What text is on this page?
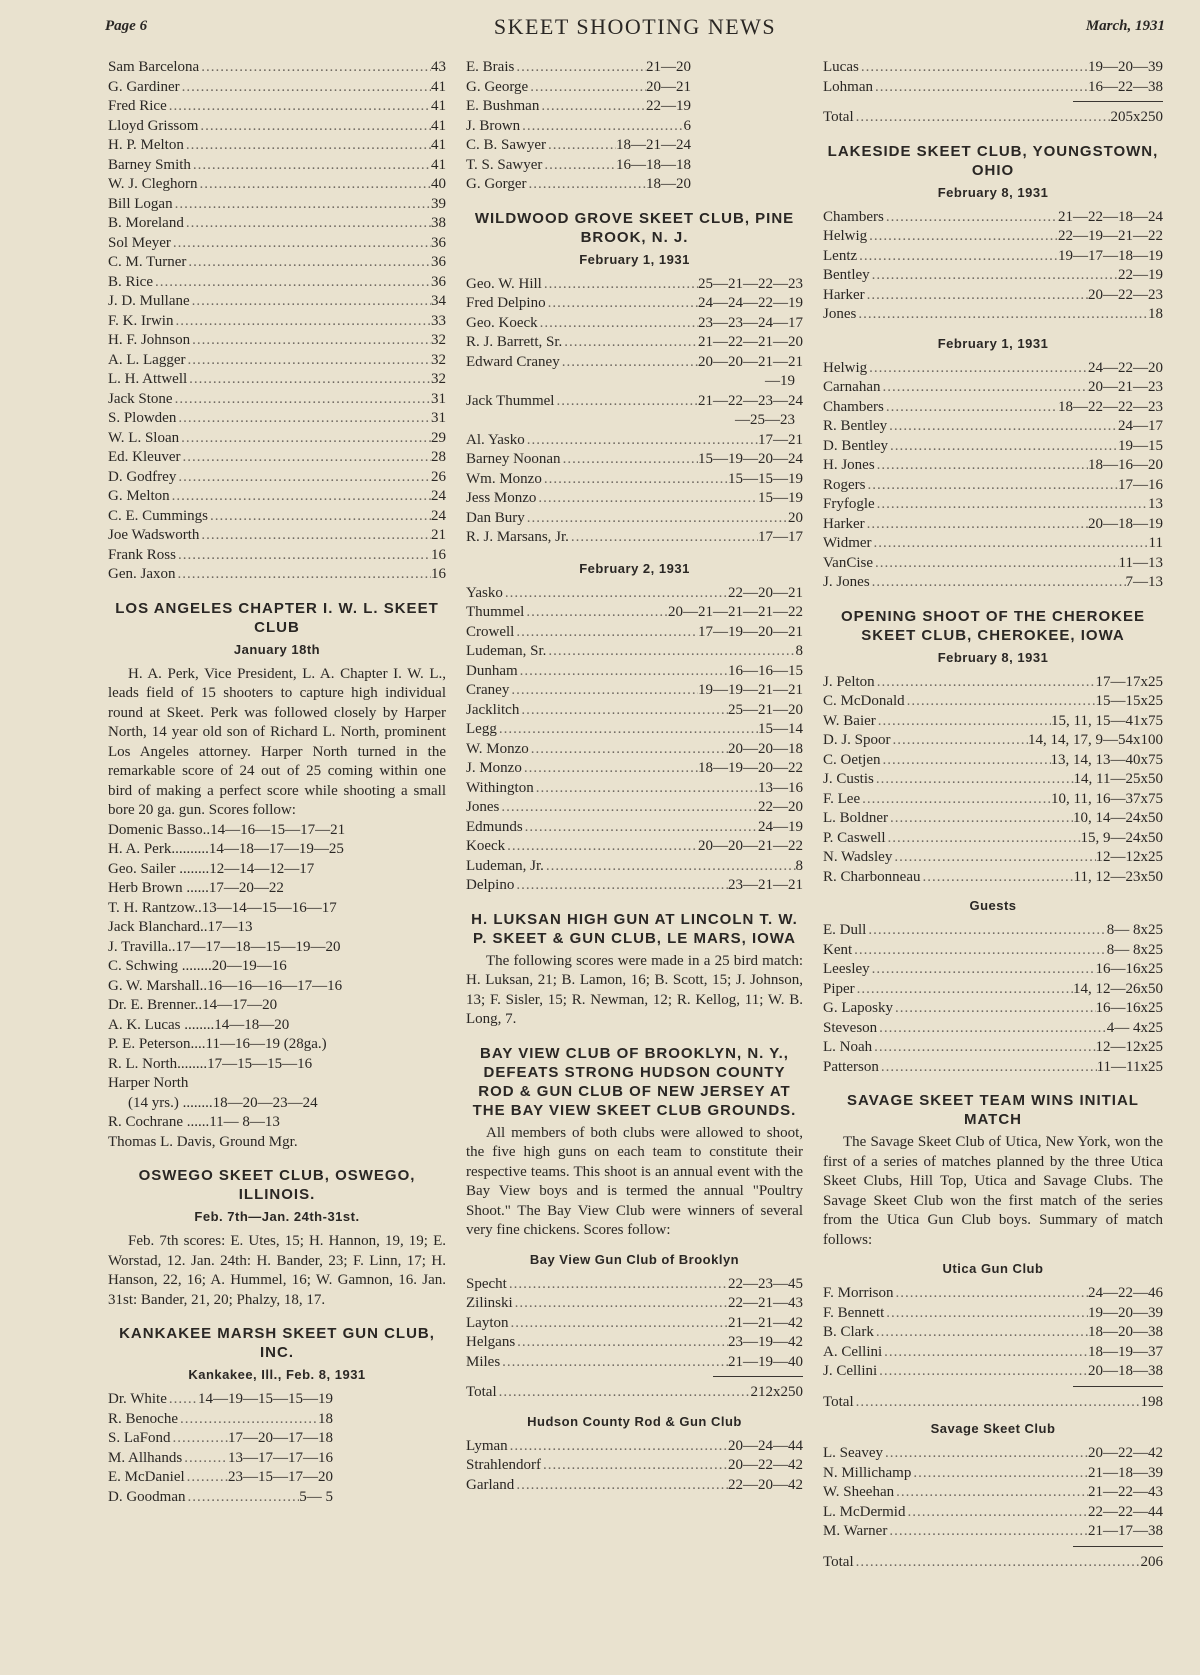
Page 6	SKEET SHOOTING NEWS	March, 1931
Sam Barcelona .....	43
G. Gardiner .....	41
Fred Rice .....	41
Lloyd Grissom .....	41
H. P. Melton .....	41
Barney Smith .....	41
W. J. Cleghorn .....	40
Bill Logan .....	39
B. Moreland .....	38
Sol Meyer .....	36
C. M. Turner .....	36
B. Rice .....	36
J. D. Mullane .....	34
F. K. Irwin .....	33
H. F. Johnson .....	32
A. L. Lagger .....	32
L. H. Attwell .....	32
Jack Stone .....	31
S. Plowden .....	31
W. L. Sloan .....	29
Ed. Kleuver .....	28
D. Godfrey .....	26
G. Melton .....	24
C. E. Cummings .....	24
Joe Wadsworth .....	21
Frank Ross .....	16
Gen. Jaxon .....	16
LOS ANGELES CHAPTER I. W. L. SKEET CLUB
January 18th

H. A. Perk, Vice President, L. A. Chapter I. W. L., leads field of 15 shooters to capture high individual round at Skeet. Perk was followed closely by Harper North, 14 year old son of Richard L. North, prominent Los Angeles attorney. Harper North turned in the remarkable score of 24 out of 25 coming within one bird of making a perfect score while shooting a small bore 20 ga. gun. Scores follow:

Domenic Basso..14—16—15—17—21
H. A. Perk..........14—18—17—19—25
Geo. Sailer ........12—14—12—17
Herb Brown ......17—20—22
T. H. Rantzow..13—14—15—16—17
Jack Blanchard..17—13
J. Travilla..17—17—18—15—19—20
C. Schwing ........20—19—16
G. W. Marshall..16—16—16—17—16
Dr. E. Brenner..14—17—20
A. K. Lucas ........14—18—20
P. E. Peterson....11—16—19 (28ga.)
R. L. North........17—15—15—16
Harper North
(14 yrs.) ........18—20—23—24
R. Cochrane ......11— 8—13
Thomas L. Davis, Ground Mgr.
OSWEGO SKEET CLUB, OSWEGO, ILLINOIS.
Feb. 7th—Jan. 24th-31st.

Feb. 7th scores: E. Utes, 15; H. Hannon, 19, 19; E. Worstad, 12. Jan. 24th: H. Bander, 23; F. Linn, 17; H. Hanson, 22, 16; A. Hummel, 16; W. Gamnon, 16. Jan. 31st: Bander, 21, 20; Phalzy, 18, 17.

KANKAKEE MARSH SKEET GUN CLUB, INC.
Kankakee, Ill., Feb. 8, 1931
Dr. White ..... 14—19—15—15—19
R. Benoche .....	18
S. LaFond .....	17—20—17—18
M. Allhands .....	13—17—17—16
E. McDaniel .....	23—15—17—20
D. Goodman .....	5— 5
E. Brais .....	21—20
G. George .....	20—21
E. Bushman .....	22—19
J. Brown .....	6
C. B. Sawyer .....	18—21—24
T. S. Sawyer .....	16—18—18
G. Gorger .....	18—20
WILDWOOD GROVE SKEET CLUB, PINE BROOK, N. J.
February 1, 1931
Geo. W. Hill .....	25—21—22—23
Fred Delpino .....	24—24—22—19
Geo. Koeck .....	23—23—24—17
R. J. Barrett, Sr. .....	21—22—21—20
Edward Craney .....	20—20—21—21
—19
Jack Thummel .....	21—22—23—24
—25—23
Al. Yasko .....	17—21
Barney Noonan .....	15—19—20—24
Wm. Monzo .....	15—15—19
Jess Monzo .....	15—19
Dan Bury .....	20
R. J. Marsans, Jr. .....	17—17
February 2, 1931
Yasko .....	22—20—21
Thummel .....	20—21—21—21—22
Crowell .....	17—19—20—21
Ludeman, Sr. .....	8
Dunham .....	16—16—15
Craney .....	19—19—21—21
Jacklitch .....	25—21—20
Legg .....	15—14
W. Monzo .....	20—20—18
J. Monzo .....	18—19—20—22
Withington .....	13—16
Jones .....	22—20
Edmunds .....	24—19
Koeck .....	20—20—21—22
Ludeman, Jr. .....	8
Delpino .....	23—21—21
H. LUKSAN HIGH GUN AT LINCOLN T. W. P. SKEET & GUN CLUB, LE MARS, IOWA

The following scores were made in a 25 bird match: H. Luksan, 21; B. Lamon, 16; B. Scott, 15; J. Johnson, 13; F. Sisler, 15; R. Newman, 12; R. Kellog, 11; W. B. Long, 7.

BAY VIEW CLUB OF BROOKLYN, N. Y., DEFEATS STRONG HUDSON COUNTY ROD & GUN CLUB OF NEW JERSEY AT THE BAY VIEW SKEET CLUB GROUNDS.

All members of both clubs were allowed to shoot, the five high guns on each team to constitute their respective teams. This shoot is an annual event with the Bay View boys and is termed the annual "Poultry Shoot." The Bay View Club were winners of several very fine chickens. Scores follow:

Bay View Gun Club of Brooklyn
Specht .....	22—23—45
Zilinski .....	22—21—43
Layton .....	21—21—42
Helgans .....	23—19—42
Miles .....	21—19—40
Total .....	212x250
Hudson County Rod & Gun Club
Lyman .....	20—24—44
Strahlendorf .....	20—22—42
Garland .....	22—20—42
Lucas .....	19—20—39
Lohman .....	16—22—38
Total .....	205x250
LAKESIDE SKEET CLUB, YOUNGSTOWN, OHIO
February 8, 1931
Chambers .....	21—22—18—24
Helwig .....	22—19—21—22
Lentz .....	19—17—18—19
Bentley .....	22—19
Harker .....	20—22—23
Jones .....	18
February 1, 1931
Helwig .....	24—22—20
Carnahan .....	20—21—23
Chambers .....	18—22—22—23
R. Bentley .....	24—17
D. Bentley .....	19—15
H. Jones .....	18—16—20
Rogers .....	17—16
Fryfogle .....	13
Harker .....	20—18—19
Widmer .....	11
VanCise .....	11—13
J. Jones .....	7—13
OPENING SHOOT OF THE CHEROKEE SKEET CLUB, CHEROKEE, IOWA
February 8, 1931
J. Pelton .....	17—17x25
C. McDonald .....	15—15x25
W. Baier .....	15, 11, 15—41x75
D. J. Spoor .....	14, 14, 17, 9—54x100
C. Oetjen .....	13, 14, 13—40x75
J. Custis .....	14, 11—25x50
F. Lee .....	10, 11, 16—37x75
L. Boldner .....	10, 14—24x50
P. Caswell .....	15, 9—24x50
N. Wadsley .....	12—12x25
R. Charbonneau .....	11, 12—23x50
Guests
E. Dull .....	8— 8x25
Kent .....	8— 8x25
Leesley .....	16—16x25
Piper .....	14, 12—26x50
G. Laposky .....	16—16x25
Steveson .....	4— 4x25
L. Noah .....	12—12x25
Patterson .....	11—11x25
SAVAGE SKEET TEAM WINS INITIAL MATCH

The Savage Skeet Club of Utica, New York, won the first of a series of matches planned by the three Utica Skeet Clubs, Hill Top, Utica and Savage Clubs. The Savage Skeet Club won the first match of the series from the Utica Gun Club boys. Summary of match follows:

Utica Gun Club
F. Morrison .....	24—22—46
F. Bennett .....	19—20—39
B. Clark .....	18—20—38
A. Cellini .....	18—19—37
J. Cellini .....	20—18—38
Total .....	198
Savage Skeet Club
L. Seavey .....	20—22—42
N. Millichamp .....	21—18—39
W. Sheehan .....	21—22—43
L. McDermid .....	22—22—44
M. Warner .....	21—17—38
Total .....	206
